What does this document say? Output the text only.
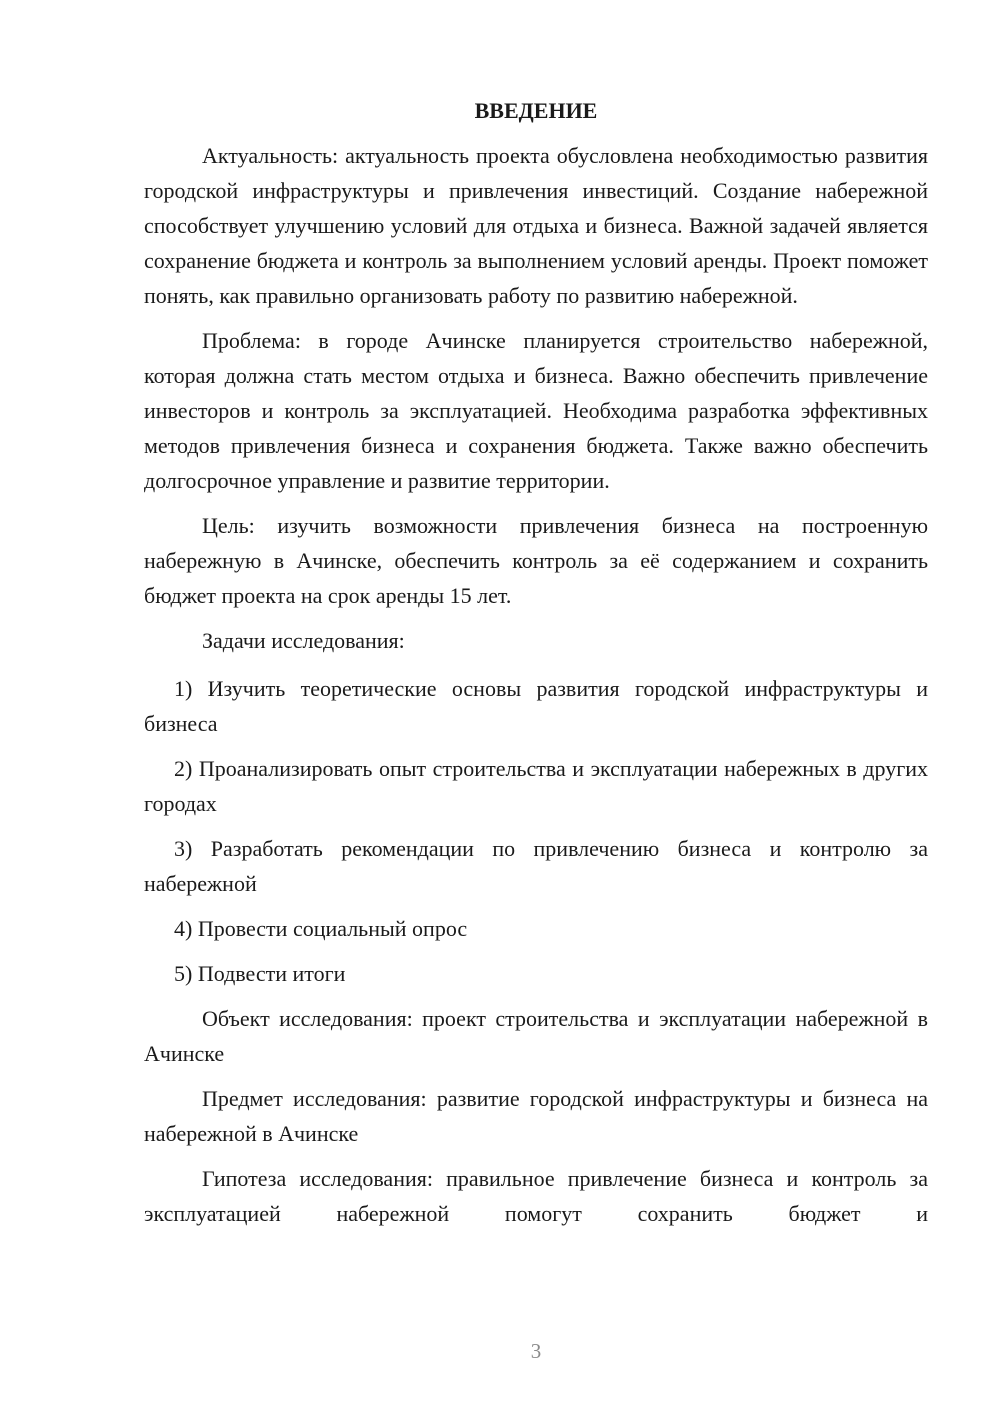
ВВЕДЕНИЕ

Актуальность: актуальность проекта обусловлена необходимостью развития городской инфраструктуры и привлечения инвестиций. Создание набережной способствует улучшению условий для отдыха и бизнеса. Важной задачей является сохранение бюджета и контроль за выполнением условий аренды. Проект поможет понять, как правильно организовать работу по развитию набережной.

Проблема: в городе Ачинске планируется строительство набережной, которая должна стать местом отдыха и бизнеса. Важно обеспечить привлечение инвесторов и контроль за эксплуатацией. Необходима разработка эффективных методов привлечения бизнеса и сохранения бюджета. Также важно обеспечить долгосрочное управление и развитие территории.

Цель: изучить возможности привлечения бизнеса на построенную набережную в Ачинске, обеспечить контроль за её содержанием и сохранить бюджет проекта на срок аренды 15 лет.

Задачи исследования:

1) Изучить теоретические основы развития городской инфраструктуры и бизнеса

2) Проанализировать опыт строительства и эксплуатации набережных в других городах

3) Разработать рекомендации по привлечению бизнеса и контролю за набережной

4) Провести социальный опрос

5) Подвести итоги

Объект исследования: проект строительства и эксплуатации набережной в Ачинске

Предмет исследования: развитие городской инфраструктуры и бизнеса на набережной в Ачинске

Гипотеза исследования: правильное привлечение бизнеса и контроль за эксплуатацией набережной помогут сохранить бюджет и

3
